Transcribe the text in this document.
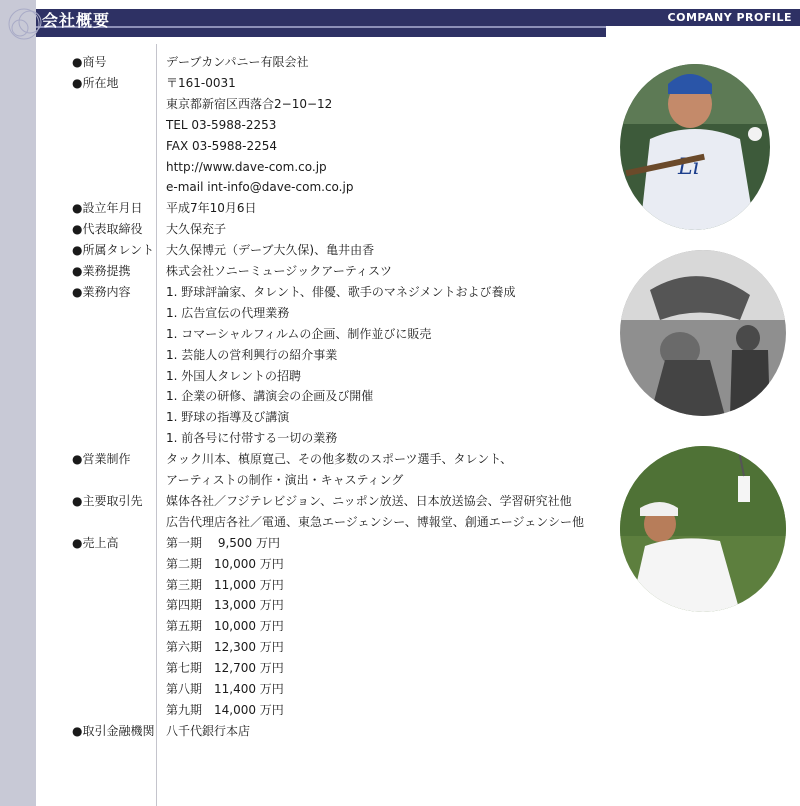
会社概要	COMPANY PROFILE
●商号	デーブカンパニー有限会社
●所在地	〒161-0031
東京都新宿区西落合2−10−12
TEL 03-5988-2253
FAX 03-5988-2254
http://www.dave-com.co.jp
e-mail int-info@dave-com.co.jp
●設立年月日 平成7年10月6日
●代表取締役 大久保充子
●所属タレント 大久保博元（デーブ大久保)、亀井由香
●業務提携	株式会社ソニーミュージックアーティスツ
●業務内容	1. 野球評論家、タレント、俳優、歌手のマネジメントおよび養成
1. 広告宣伝の代理業務
1. コマーシャルフィルムの企画、制作並びに販売
1. 芸能人の営利興行の紹介事業
1. 外国人タレントの招聘
1. 企業の研修、講演会の企画及び開催
1. 野球の指導及び講演
1. 前各号に付帯する一切の業務
●営業制作	タック川本、槙原寛己、その他多数のスポーツ選手、タレント、
アーティストの制作・演出・キャスティング
●主要取引先 媒体各社／フジテレビジョン、ニッポン放送、日本放送協会、学習研究社他
広告代理店各社／電通、東急エージェンシー、博報堂、創通エージェンシー他
●売上高	第一期　 9,500 万円
第二期　10,000 万円
第三期　11,000 万円
第四期　13,000 万円
第五期　10,000 万円
第六期　12,300 万円
第七期　12,700 万円
第八期　11,400 万円
第九期　14,000 万円
●取引金融機関 八千代銀行本店
Li
